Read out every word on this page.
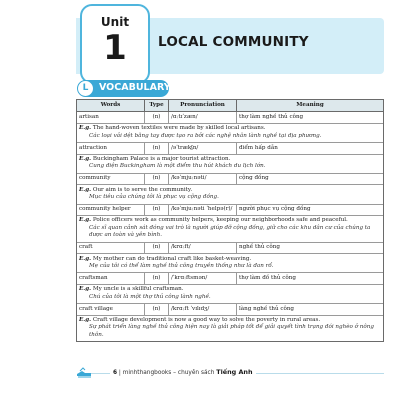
Unit
1	LOCAL COMMUNITY
L	VOCABULARY
Words	Type	Pronunciation	Meaning
artisan	(n)	/ɑːtɪˈzæn/	thợ làm nghề thủ công
E.g. The hand-woven textiles were made by skilled local artisans.
Các loại vải dệt bằng tay được tạo ra bởi các nghệ nhân lành nghề tại địa phương.
attraction	(n)	/əˈtrækʃn/	điểm hấp dẫn
E.g. Buckingham Palace is a major tourist attraction.
Cung điện Buckingham là một điểm thu hút khách du lịch lớn.
community	(n)	/kəˈmjuːnəti/	cộng đồng
E.g. Our aim is to serve the community.
Mục tiêu của chúng tôi là phục vụ cộng đồng.
community helper	(n)	/kəˈmjuːnəti ˈhelpə(r)/	người phục vụ cộng đồng
E.g. Police officers work as community helpers, keeping our neighborhoods safe and peaceful.
Các sĩ quan cảnh sát đóng vai trò là người giúp đỡ cộng đồng, giữ cho các khu dân cư của chúng ta được an toàn và yên bình.
craft	(n)	/krɑːft/	nghề thủ công
E.g. My mother can do traditional craft like basket-weaving.
Mẹ của tôi có thể làm nghề thủ công truyền thống như là đan rổ.
craftsman	(n)	/ˈkrɑːftsmən/	thợ làm đồ thủ công
E.g. My uncle is a skillful craftsman.
Chú của tôi là một thợ thủ công lành nghề.
craft village	(n)	/krɑːft ˈvɪlɪdʒ/	làng nghề thủ công
E.g. Craft village development is now a good way to solve the poverty in rural areas.
Sự phát triển làng nghề thủ công hiện nay là giải pháp tốt để giải quyết tình trạng đói nghèo ở nông thôn.
6 | minhthangbooks – chuyên sách Tiếng Anh
